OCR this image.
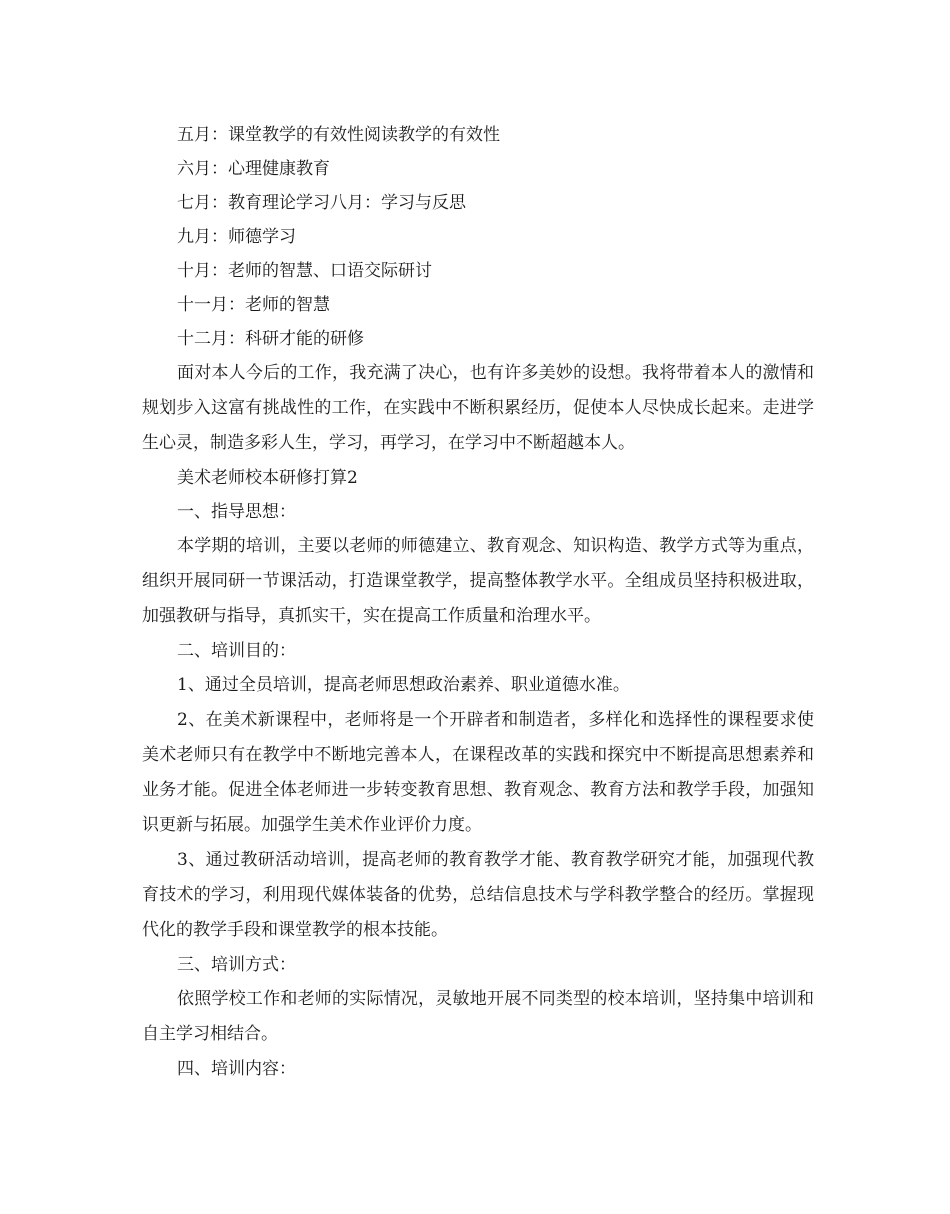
五月：课堂教学的有效性阅读教学的有效性
六月：心理健康教育
七月：教育理论学习八月：学习与反思
九月：师德学习
十月：老师的智慧、口语交际研讨
十一月：老师的智慧
十二月：科研才能的研修

面对本人今后的工作，我充满了决心，也有许多美妙的设想。我将带着本人的激情和规划步入这富有挑战性的工作，在实践中不断积累经历，促使本人尽快成长起来。走进学生心灵，制造多彩人生，学习，再学习，在学习中不断超越本人。

美术老师校本研修打算2
一、指导思想：

本学期的培训，主要以老师的师德建立、教育观念、知识构造、教学方式等为重点，组织开展同研一节课活动，打造课堂教学，提高整体教学水平。全组成员坚持积极进取，加强教研与指导，真抓实干，实在提高工作质量和治理水平。

二、培训目的：

1、通过全员培训，提高老师思想政治素养、职业道德水准。

2、在美术新课程中，老师将是一个开辟者和制造者，多样化和选择性的课程要求使美术老师只有在教学中不断地完善本人，在课程改革的实践和探究中不断提高思想素养和业务才能。促进全体老师进一步转变教育思想、教育观念、教育方法和教学手段，加强知识更新与拓展。加强学生美术作业评价力度。

3、通过教研活动培训，提高老师的教育教学才能、教育教学研究才能，加强现代教育技术的学习，利用现代媒体装备的优势，总结信息技术与学科教学整合的经历。掌握现代化的教学手段和课堂教学的根本技能。

三、培训方式：

依照学校工作和老师的实际情况，灵敏地开展不同类型的校本培训，坚持集中培训和自主学习相结合。

四、培训内容：
